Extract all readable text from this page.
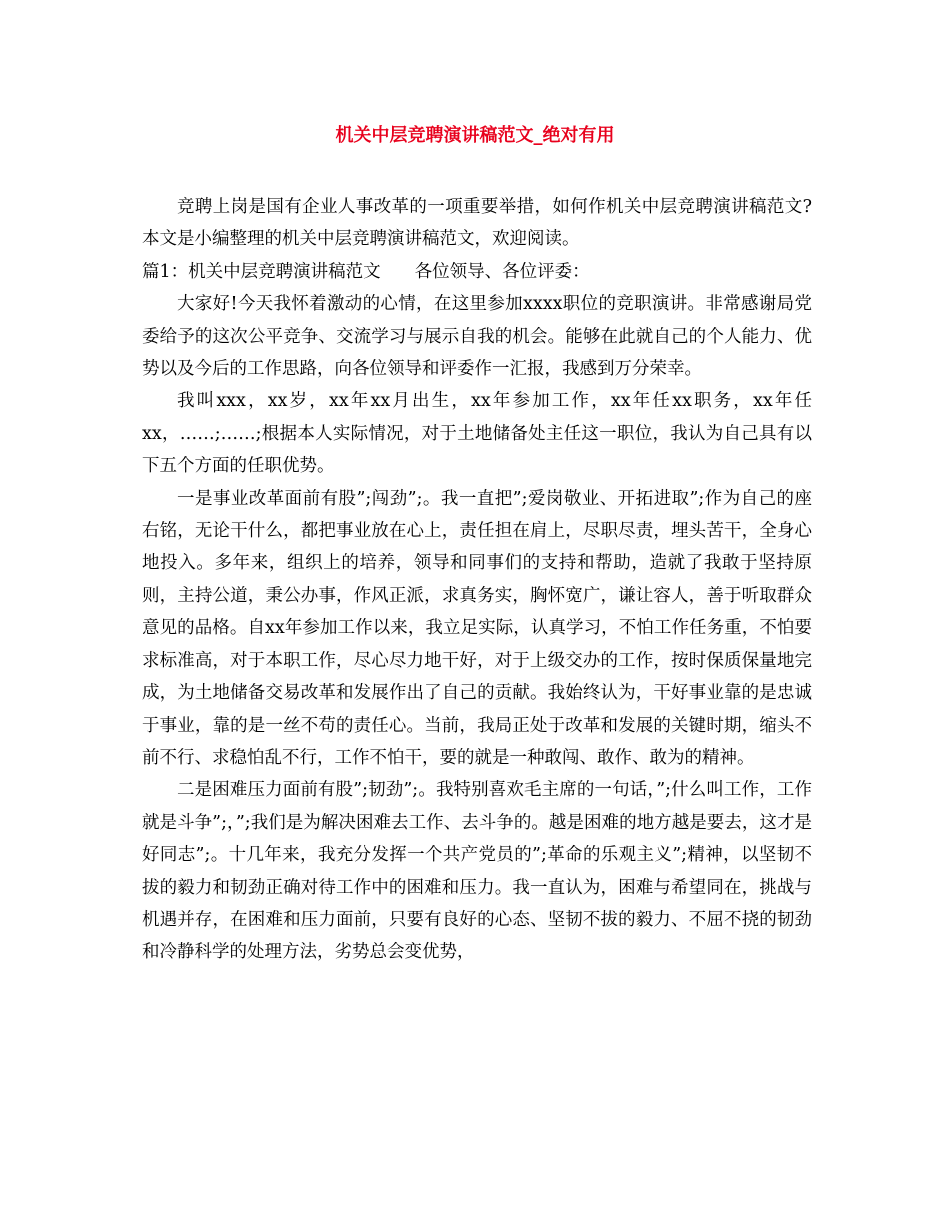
机关中层竞聘演讲稿范文_绝对有用

竞聘上岗是国有企业人事改革的一项重要举措，如何作机关中层竞聘演讲稿范文?本文是小编整理的机关中层竞聘演讲稿范文，欢迎阅读。

篇1：机关中层竞聘演讲稿范文 各位领导、各位评委：

大家好!今天我怀着激动的心情，在这里参加xxxx职位的竞职演讲。非常感谢局党委给予的这次公平竞争、交流学习与展示自我的机会。能够在此就自己的个人能力、优势以及今后的工作思路，向各位领导和评委作一汇报，我感到万分荣幸。

我叫xxx，xx岁，xx年xx月出生，xx年参加工作，xx年任xx职务，xx年任xx，……;……;根据本人实际情况，对于土地储备处主任这一职位，我认为自己具有以下五个方面的任职优势。

一是事业改革面前有股”;闯劲”;。我一直把”;爱岗敬业、开拓进取”;作为自己的座右铭，无论干什么，都把事业放在心上，责任担在肩上，尽职尽责，埋头苦干，全身心地投入。多年来，组织上的培养，领导和同事们的支持和帮助，造就了我敢于坚持原则，主持公道，秉公办事，作风正派，求真务实，胸怀宽广，谦让容人，善于听取群众意见的品格。自xx年参加工作以来，我立足实际，认真学习，不怕工作任务重，不怕要求标准高，对于本职工作，尽心尽力地干好，对于上级交办的工作，按时保质保量地完成，为土地储备交易改革和发展作出了自己的贡献。我始终认为，干好事业靠的是忠诚于事业，靠的是一丝不苟的责任心。当前，我局正处于改革和发展的关键时期，缩头不前不行、求稳怕乱不行，工作不怕干，要的就是一种敢闯、敢作、敢为的精神。

二是困难压力面前有股”;韧劲”;。我特别喜欢毛主席的一句话，”;什么叫工作，工作就是斗争”;，”;我们是为解决困难去工作、去斗争的。越是困难的地方越是要去，这才是好同志”;。十几年来，我充分发挥一个共产党员的”;革命的乐观主义”;精神，以坚韧不拔的毅力和韧劲正确对待工作中的困难和压力。我一直认为，困难与希望同在，挑战与机遇并存，在困难和压力面前，只要有良好的心态、坚韧不拔的毅力、不屈不挠的韧劲和冷静科学的处理方法，劣势总会变优势，
